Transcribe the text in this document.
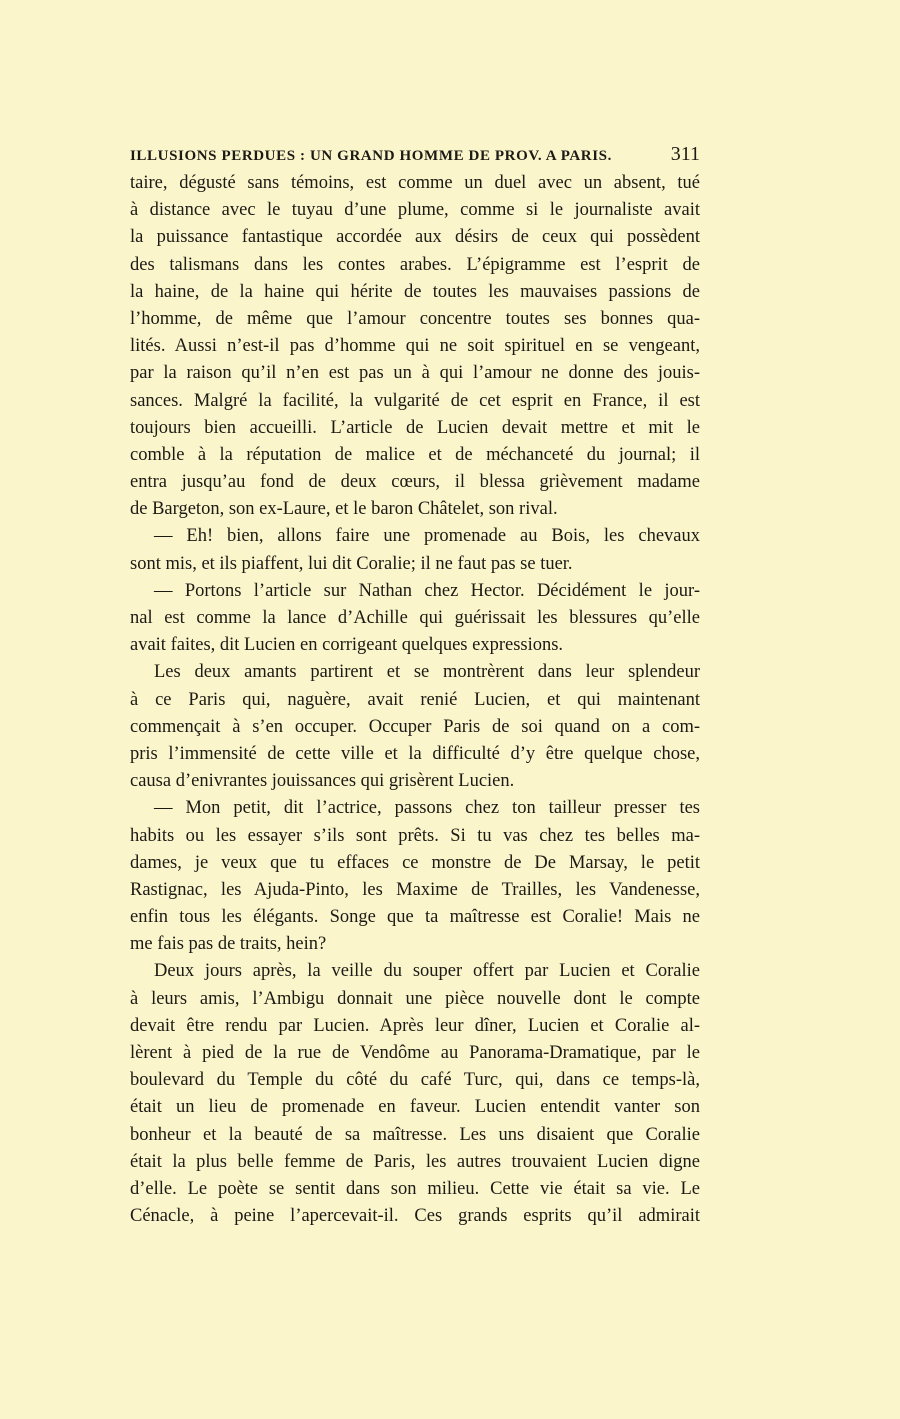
ILLUSIONS PERDUES : UN GRAND HOMME DE PROV. A PARIS.	311
taire, dégusté sans témoins, est comme un duel avec un absent, tué
à distance avec le tuyau d’une plume, comme si le journaliste avait
la puissance fantastique accordée aux désirs de ceux qui possèdent
des talismans dans les contes arabes. L’épigramme est l’esprit de
la haine, de la haine qui hérite de toutes les mauvaises passions de
l’homme, de même que l’amour concentre toutes ses bonnes qua-
lités. Aussi n’est-il pas d’homme qui ne soit spirituel en se vengeant,
par la raison qu’il n’en est pas un à qui l’amour ne donne des jouis-
sances. Malgré la facilité, la vulgarité de cet esprit en France, il est
toujours bien accueilli. L’article de Lucien devait mettre et mit le
comble à la réputation de malice et de méchanceté du journal; il
entra jusqu’au fond de deux cœurs, il blessa grièvement madame
de Bargeton, son ex-Laure, et le baron Châtelet, son rival.
— Eh! bien, allons faire une promenade au Bois, les chevaux
sont mis, et ils piaffent, lui dit Coralie; il ne faut pas se tuer.
— Portons l’article sur Nathan chez Hector. Décidément le jour-
nal est comme la lance d’Achille qui guérissait les blessures qu’elle
avait faites, dit Lucien en corrigeant quelques expressions.
Les deux amants partirent et se montrèrent dans leur splendeur
à ce Paris qui, naguère, avait renié Lucien, et qui maintenant
commençait à s’en occuper. Occuper Paris de soi quand on a com-
pris l’immensité de cette ville et la difficulté d’y être quelque chose,
causa d’enivrantes jouissances qui grisèrent Lucien.
— Mon petit, dit l’actrice, passons chez ton tailleur presser tes
habits ou les essayer s’ils sont prêts. Si tu vas chez tes belles ma-
dames, je veux que tu effaces ce monstre de De Marsay, le petit
Rastignac, les Ajuda-Pinto, les Maxime de Trailles, les Vandenesse,
enfin tous les élégants. Songe que ta maîtresse est Coralie! Mais ne
me fais pas de traits, hein?
Deux jours après, la veille du souper offert par Lucien et Coralie
à leurs amis, l’Ambigu donnait une pièce nouvelle dont le compte
devait être rendu par Lucien. Après leur dîner, Lucien et Coralie al-
lèrent à pied de la rue de Vendôme au Panorama-Dramatique, par le
boulevard du Temple du côté du café Turc, qui, dans ce temps-là,
était un lieu de promenade en faveur. Lucien entendit vanter son
bonheur et la beauté de sa maîtresse. Les uns disaient que Coralie
était la plus belle femme de Paris, les autres trouvaient Lucien digne
d’elle. Le poète se sentit dans son milieu. Cette vie était sa vie. Le
Cénacle, à peine l’apercevait-il. Ces grands esprits qu’il admirait
